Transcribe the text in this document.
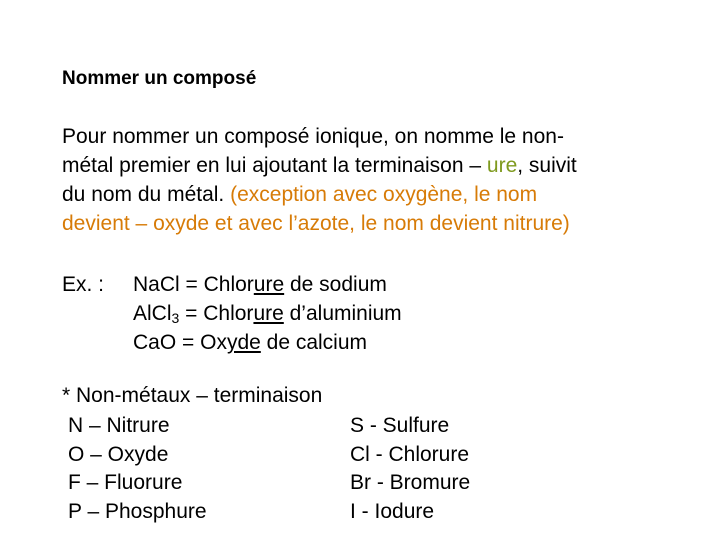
Nommer un composé
Pour nommer un composé ionique, on nomme le non-
métal premier en lui ajoutant la terminaison – ure, suivit
du nom du métal. (exception avec oxygène, le nom
devient – oxyde et avec l’azote, le nom devient nitrure)
Ex. : NaCl = Chlorure de sodium
AlCl$_3$ = Chlorure d’aluminium
CaO = Oxyde de calcium
* Non-métaux – terminaison
N – Nitrure
O – Oxyde
F – Fluorure
P – Phosphure
S - Sulfure
Cl - Chlorure
Br - Bromure
I - Iodure
